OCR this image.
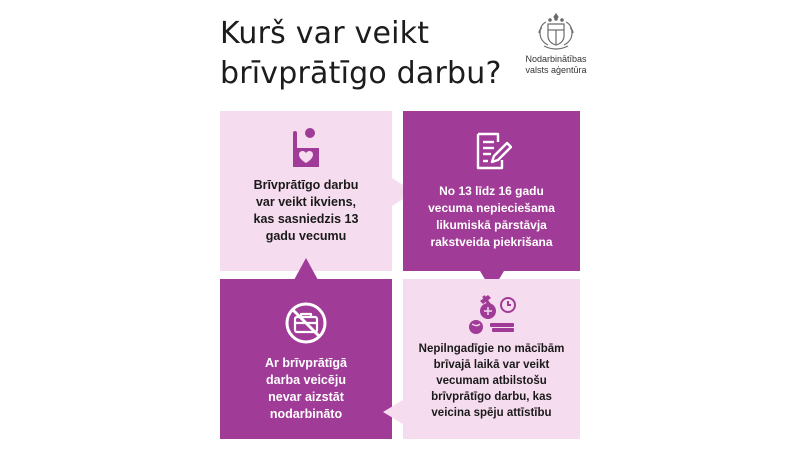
Kurš var veikt
brīvprātīgo darbu?	Nodarbinātības
valsts aģentūra
Brīvprātīgo darbu
var veikt ikviens,
kas sasniedzis 13
gadu vecumu
No 13 līdz 16 gadu
vecuma nepieciešama
likumiskā pārstāvja
rakstveida piekrišana
Ar brīvprātīgā
darba veicēju
nevar aizstāt
nodarbināto
Nepilngadīgie no mācībām
brīvajā laikā var veikt
vecumam atbilstošu
brīvprātīgo darbu, kas
veicina spēju attīstību
